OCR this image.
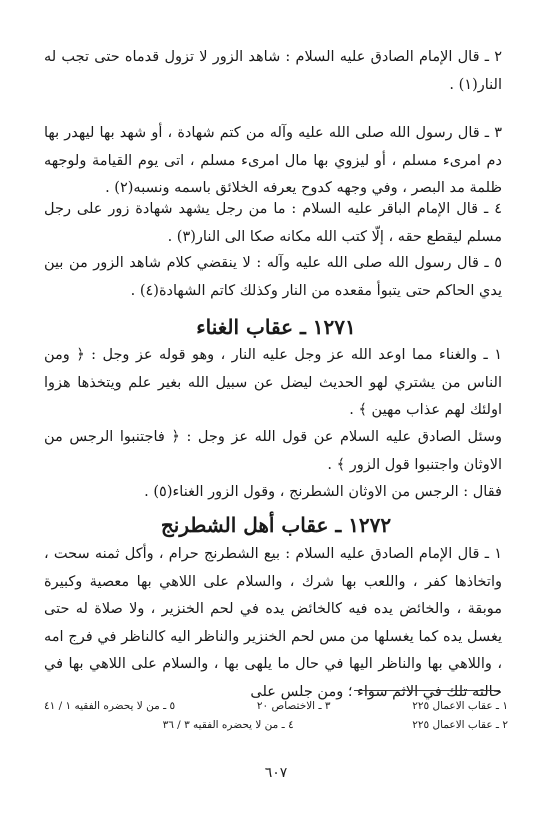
٢ ـ قال الإمام الصادق عليه السلام : شاهد الزور لا تزول قدماه حتى تجب له النار(١) .

٣ ـ قال رسول الله صلى الله عليه وآله من كتم شهادة ، أو شهد بها ليهدر بها دم امرىء مسلم ، أو ليزوي بها مال امرىء مسلم ، اتى يوم القيامة ولوجهه ظلمة مد البصر ، وفي وجهه كدوح يعرفه الخلائق باسمه ونسبه(٢) .

٤ ـ قال الإمام الباقر عليه السلام : ما من رجل يشهد شهادة زور على رجل مسلم ليقطع حقه ، إلّا كتب الله مكانه صكا الى النار(٣) .

٥ ـ قال رسول الله صلى الله عليه وآله : لا ينقضي كلام شاهد الزور من بين يدي الحاكم حتى يتبوأ مقعده من النار وكذلك كاتم الشهادة(٤) .

١٢٧١ ـ عقاب الغناء

١ ـ والغناء مما اوعد الله عز وجل عليه النار ، وهو قوله عز وجل : ﴿ ومن الناس من يشتري لهو الحديث ليضل عن سبيل الله بغير علم ويتخذها هزوا اولئك لهم عذاب مهين ﴾ .

وسئل الصادق عليه السلام عن قول الله عز وجل : ﴿ فاجتنبوا الرجس من الاوثان واجتنبوا قول الزور ﴾ .

فقال : الرجس من الاوثان الشطرنج ، وقول الزور الغناء(٥) .

١٢٧٢ ـ عقاب أهل الشطرنج

١ ـ قال الإمام الصادق عليه السلام : بيع الشطرنج حرام ، وأكل ثمنه سحت ، واتخاذها كفر ، واللعب بها شرك ، والسلام على اللاهي بها معصية وكبيرة موبقة ، والخائض يده فيه كالخائض يده في لحم الخنزير ، ولا صلاة له حتى يغسل يده كما يغسلها من مس لحم الخنزير والناظر اليه كالناظر في فرج امه ، واللاهي بها والناظر اليها في حال ما يلهى بها ، والسلام على اللاهي بها في حالته تلك في الاثم سواء ؛ ومن جلس على

١ ـ عقاب الاعمال ٢٢٥
٣ ـ الاختصاص ٢٠
٥ ـ من لا يحضره الفقيه ١ / ٤١
٢ ـ عقاب الاعمال ٢٢٥
٤ ـ من لا يحضره الفقيه ٣ / ٣٦
٦٠٧
